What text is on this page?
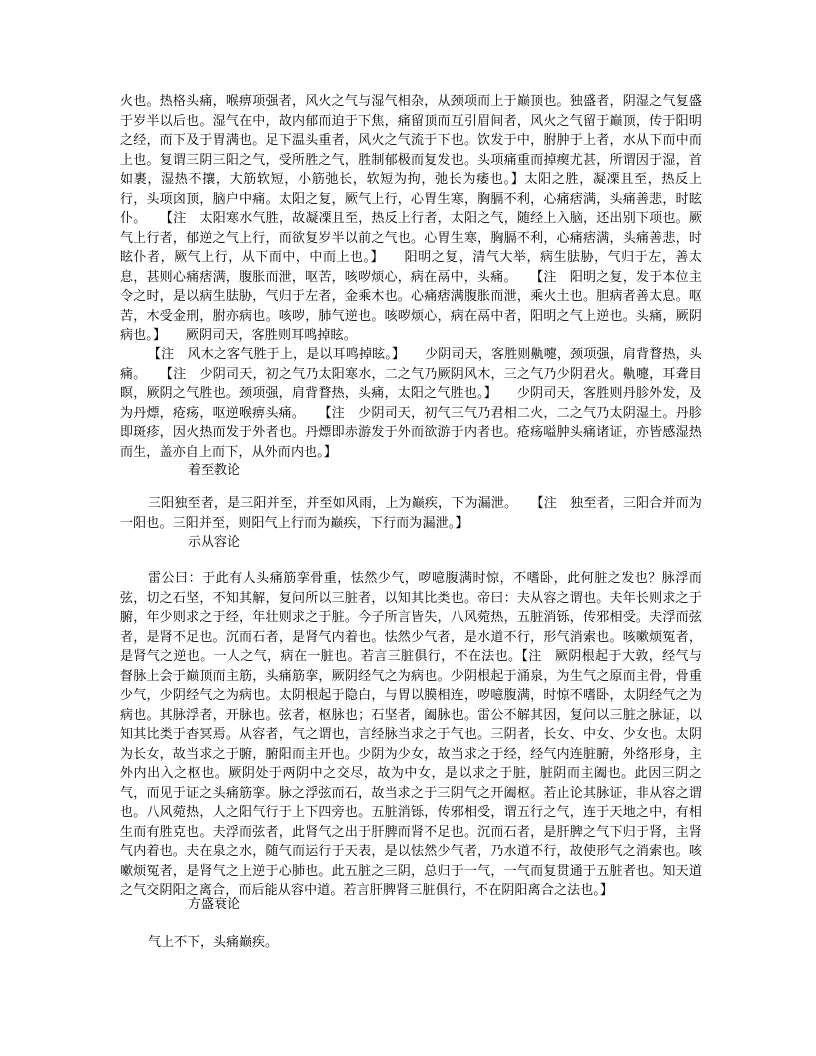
火也。热格头痛，喉痹项强者，风火之气与湿气相杂，从颈项而上于巅顶也。独盛者，阴湿之气复盛于岁半以后也。湿气在中，故内郁而迫于下焦，痛留顶而互引眉间者，风火之气留于巅顶，传于阳明之经，而下及于胃满也。足下温头重者，风火之气流于下也。饮发于中，胕肿于上者，水从下而中而上也。复谓三阴三阳之气，受所胜之气，胜制郁极而复发也。头项痛重而掉瘈尤甚，所谓因于湿，首如裹，湿热不攘，大筋软短，小筋弛长，软短为拘，弛长为痿也。】太阳之胜，凝凓且至，热反上行，头项囟顶，脑户中痛。太阳之复，厥气上行，心胃生寒，胸膈不利，心痛痞满，头痛善悲，时眩仆。　　【注　太阳寒水气胜，故凝凓且至，热反上行者，太阳之气，随经上入脑，还出别下项也。厥气上行者，郁逆之气上行，而欲复岁半以前之气也。心胃生寒，胸膈不利，心痛痞满，头痛善悲，时眩仆者，厥气上行，从下而中，中而上也。】　　阳明之复，清气大举，病生胠胁，气归于左，善太息，甚则心痛痞满，腹胀而泄，呕苦，咳哕烦心，病在鬲中，头痛。　　【注　阳明之复，发于本位主令之时，是以病生胠胁，气归于左者，金乘木也。心痛痞满腹胀而泄，乘火土也。胆病者善太息。呕苦，木受金刑，胕亦病也。咳哕，肺气逆也。咳哕烦心，病在鬲中者，阳明之气上逆也。头痛，厥阴病也。】　　厥阴司天，客胜则耳鸣掉眩。

【注　风木之客气胜于上，是以耳鸣掉眩。】　　少阴司天，客胜则鼽嚏，颈项强，肩背瞀热，头痛。　　【注　少阴司天，初之气乃太阳寒水，二之气乃厥阴风木，三之气乃少阴君火。鼽嚏，耳聋目瞑，厥阴之气胜也。颈项强，肩背瞀热，头痛，太阳之气胜也。】　　少阴司天，客胜则丹胗外发，及为丹熛，疮疡，呕逆喉痹头痛。　　【注　少阴司天，初气三气乃君相二火，二之气乃太阴湿土。丹胗即斑疹，因火热而发于外者也。丹熛即赤游发于外而欲游于内者也。疮疡嗌肿头痛诸证，亦皆感湿热而生，盖亦自上而下，从外而内也。】

着至教论

三阳独至者，是三阳并至，并至如风雨，上为巅疾，下为漏泄。　　【注　独至者，三阳合并而为一阳也。三阳并至，则阳气上行而为巅疾，下行而为漏泄。】

示从容论

雷公曰：于此有人头痛筋挛骨重，怯然少气，哕噫腹满时惊，不嗜卧，此何脏之发也？脉浮而弦，切之石坚，不知其解，复问所以三脏者，以知其比类也。帝曰：夫从容之谓也。夫年长则求之于腑，年少则求之于经，年壮则求之于脏。今子所言皆失，八风菀热，五脏消铄，传邪相受。夫浮而弦者，是肾不足也。沉而石者，是肾气内着也。怯然少气者，是水道不行，形气消索也。咳嗽烦冤者，是肾气之逆也。一人之气，病在一脏也。若言三脏俱行，不在法也。【注　厥阴根起于大敦，经气与督脉上会于巅顶而主筋，头痛筋挛，厥阴经气之为病也。少阴根起于涌泉，为生气之原而主骨，骨重少气，少阴经气之为病也。太阴根起于隐白，与胃以膜相连，哕噫腹满，时惊不嗜卧，太阴经气之为病也。其脉浮者，开脉也。弦者，枢脉也；石坚者，阖脉也。雷公不解其因，复问以三脏之脉证，以知其比类于杳冥焉。从容者，气之谓也，言经脉当求之于气也。三阴者，长女、中女、少女也。太阴为长女，故当求之于腑，腑阳而主开也。少阴为少女，故当求之于经，经气内连脏腑，外络形身，主外内出入之枢也。厥阴处于两阴中之交尽，故为中女，是以求之于脏，脏阴而主阖也。此因三阴之气，而见于证之头痛筋挛。脉之浮弦而石，故当求之于三阴气之开阖枢。若止论其脉证，非从容之谓也。八风菀热，人之阳气行于上下四旁也。五脏消铄，传邪相受，谓五行之气，连于天地之中，有相生而有胜克也。夫浮而弦者，此肾气之出于肝脾而肾不足也。沉而石者，是肝脾之气下归于肾，主肾气内着也。夫在泉之水，随气而运行于天表，是以怯然少气者，乃水道不行，故使形气之消索也。咳嗽烦冤者，是肾气之上逆于心肺也。此五脏之三阴，总归于一气，一气而复贯通于五脏者也。知天道之气交阴阳之离合，而后能从容中道。若言肝脾肾三脏俱行，不在阴阳离合之法也。】

方盛衰论

气上不下，头痛巅疾。
